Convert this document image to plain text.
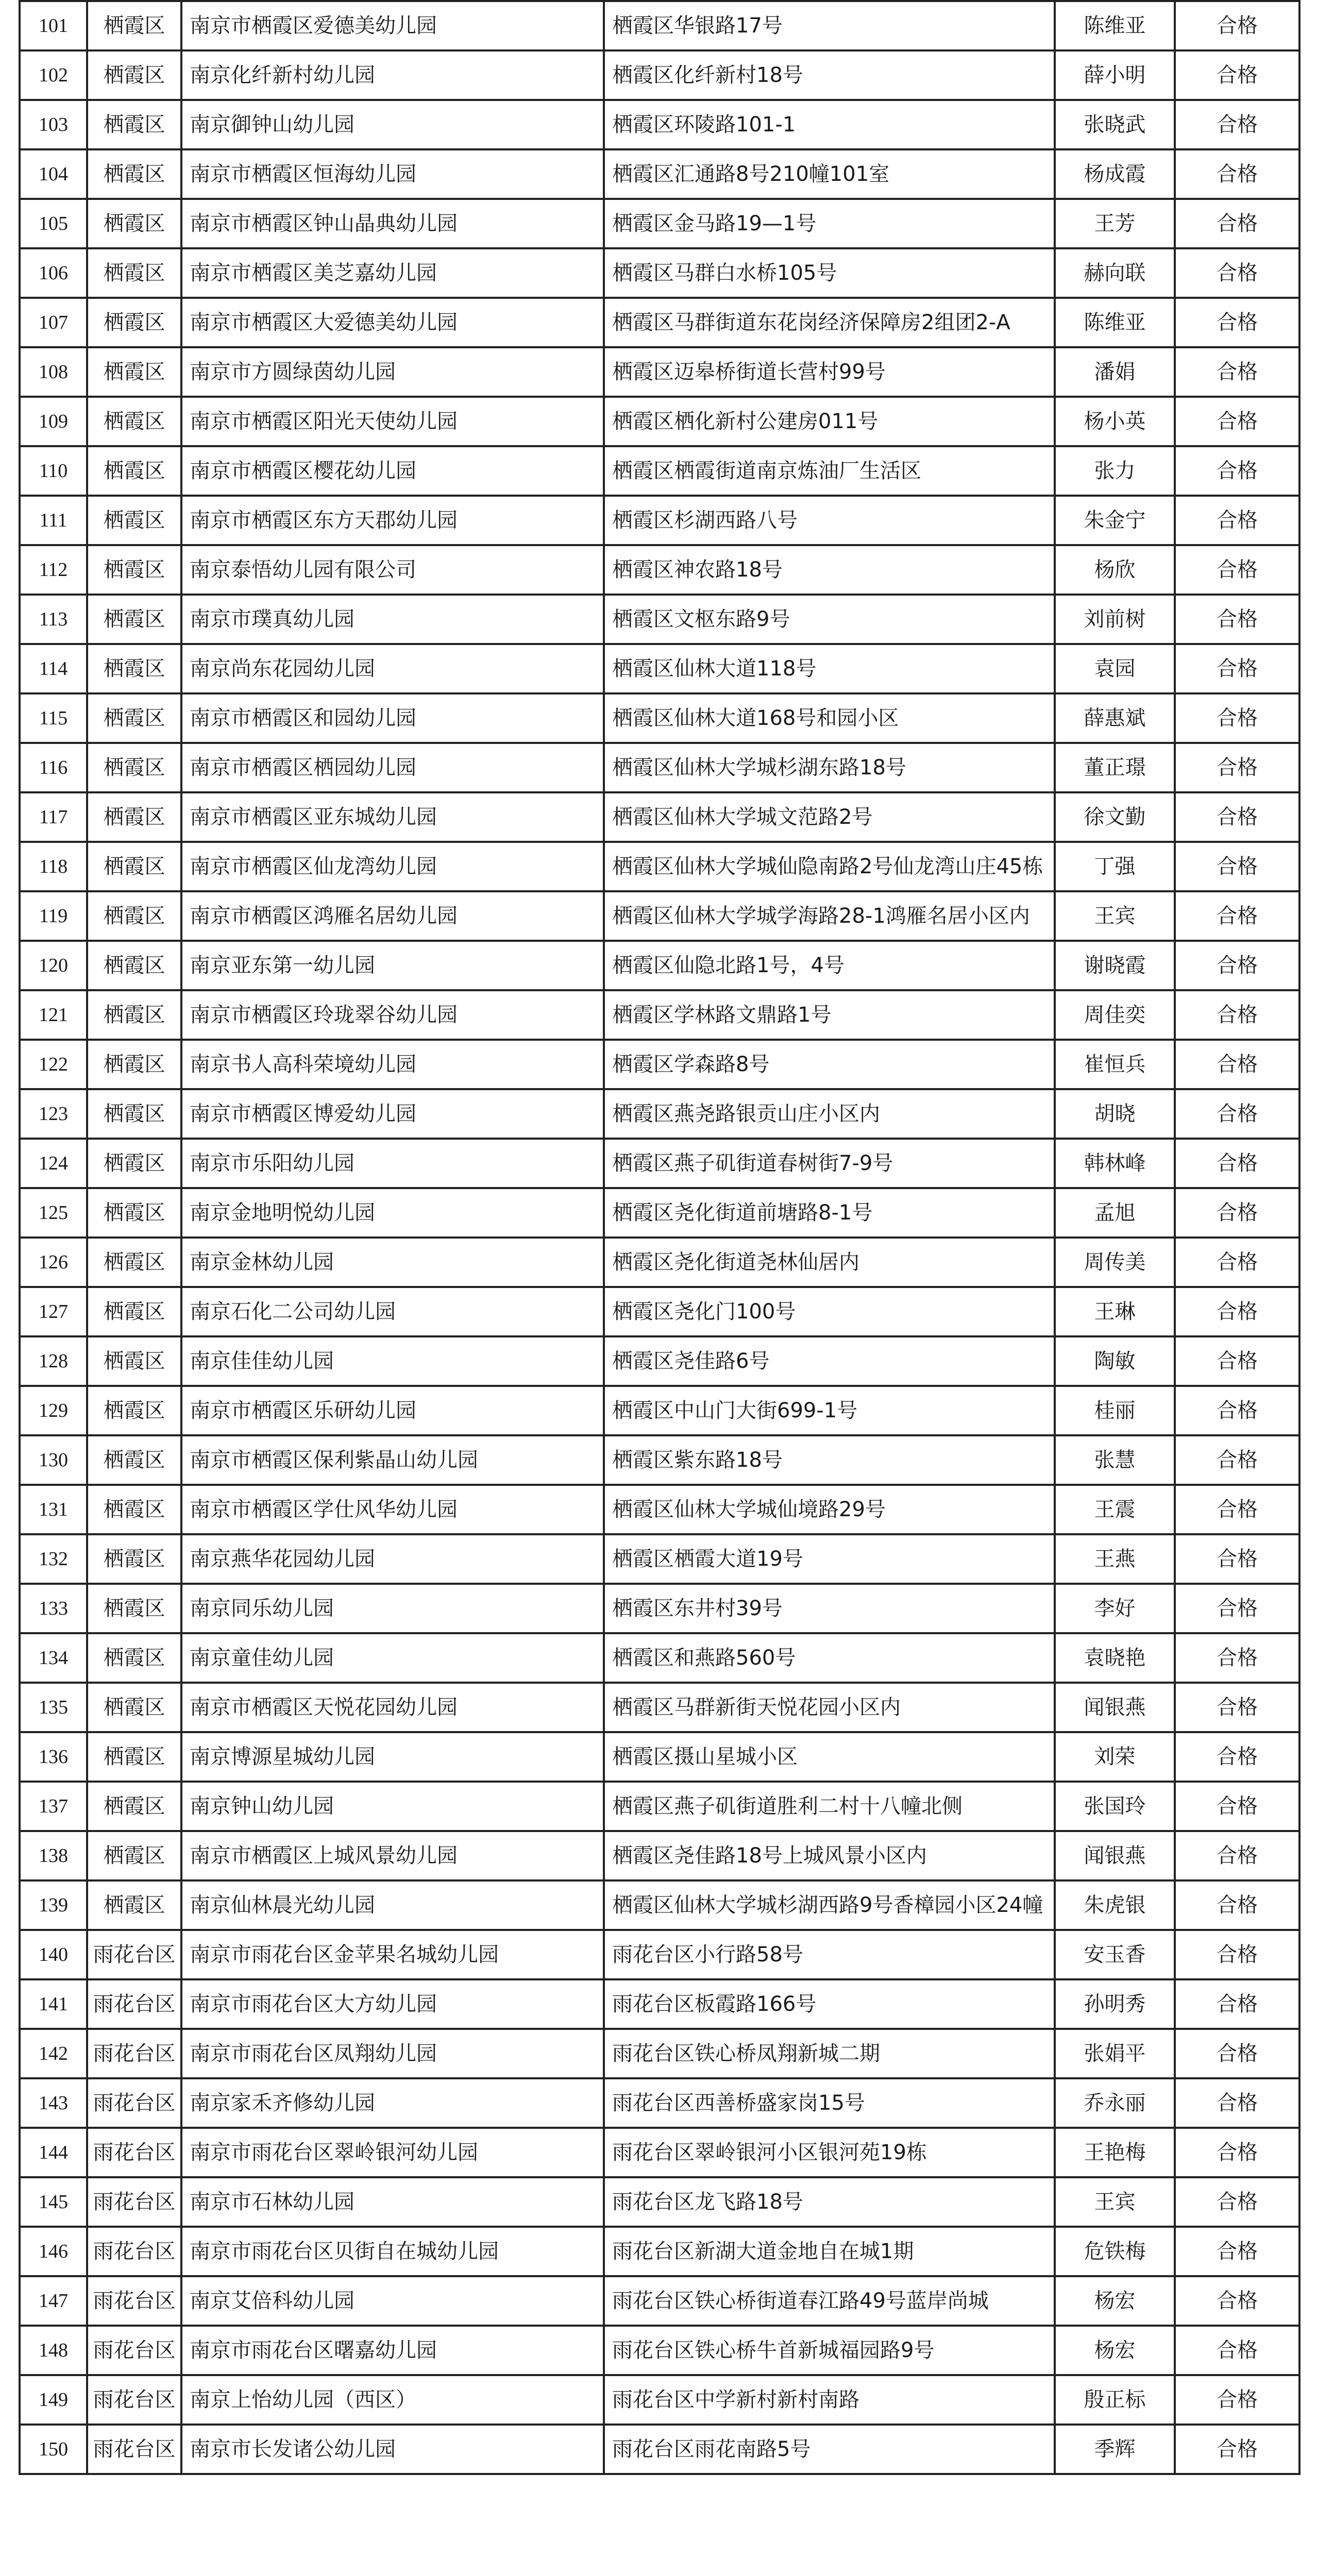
101	栖霞区	南京市栖霞区爱德美幼儿园	栖霞区华银路17号	陈维亚	合格
102	栖霞区	南京化纤新村幼儿园	栖霞区化纤新村18号	薛小明	合格
103	栖霞区	南京御钟山幼儿园	栖霞区环陵路101-1	张晓武	合格
104	栖霞区	南京市栖霞区恒海幼儿园	栖霞区汇通路8号210幢101室	杨成霞	合格
105	栖霞区	南京市栖霞区钟山晶典幼儿园	栖霞区金马路19—1号	王芳	合格
106	栖霞区	南京市栖霞区美芝嘉幼儿园	栖霞区马群白水桥105号	赫向联	合格
107	栖霞区	南京市栖霞区大爱德美幼儿园	栖霞区马群街道东花岗经济保障房2组团2-A	陈维亚	合格
108	栖霞区	南京市方圆绿茵幼儿园	栖霞区迈皋桥街道长营村99号	潘娟	合格
109	栖霞区	南京市栖霞区阳光天使幼儿园	栖霞区栖化新村公建房011号	杨小英	合格
110	栖霞区	南京市栖霞区樱花幼儿园	栖霞区栖霞街道南京炼油厂生活区	张力	合格
111	栖霞区	南京市栖霞区东方天郡幼儿园	栖霞区杉湖西路八号	朱金宁	合格
112	栖霞区	南京泰悟幼儿园有限公司	栖霞区神农路18号	杨欣	合格
113	栖霞区	南京市璞真幼儿园	栖霞区文枢东路9号	刘前树	合格
114	栖霞区	南京尚东花园幼儿园	栖霞区仙林大道118号	袁园	合格
115	栖霞区	南京市栖霞区和园幼儿园	栖霞区仙林大道168号和园小区	薛惠斌	合格
116	栖霞区	南京市栖霞区栖园幼儿园	栖霞区仙林大学城杉湖东路18号	董正璟	合格
117	栖霞区	南京市栖霞区亚东城幼儿园	栖霞区仙林大学城文范路2号	徐文勤	合格
118	栖霞区	南京市栖霞区仙龙湾幼儿园	栖霞区仙林大学城仙隐南路2号仙龙湾山庄45栋	丁强	合格
119	栖霞区	南京市栖霞区鸿雁名居幼儿园	栖霞区仙林大学城学海路28-1鸿雁名居小区内	王宾	合格
120	栖霞区	南京亚东第一幼儿园	栖霞区仙隐北路1号，4号	谢晓霞	合格
121	栖霞区	南京市栖霞区玲珑翠谷幼儿园	栖霞区学林路文鼎路1号	周佳奕	合格
122	栖霞区	南京书人高科荣境幼儿园	栖霞区学森路8号	崔恒兵	合格
123	栖霞区	南京市栖霞区博爱幼儿园	栖霞区燕尧路银贡山庄小区内	胡晓	合格
124	栖霞区	南京市乐阳幼儿园	栖霞区燕子矶街道春树街7-9号	韩林峰	合格
125	栖霞区	南京金地明悦幼儿园	栖霞区尧化街道前塘路8-1号	孟旭	合格
126	栖霞区	南京金林幼儿园	栖霞区尧化街道尧林仙居内	周传美	合格
127	栖霞区	南京石化二公司幼儿园	栖霞区尧化门100号	王琳	合格
128	栖霞区	南京佳佳幼儿园	栖霞区尧佳路6号	陶敏	合格
129	栖霞区	南京市栖霞区乐研幼儿园	栖霞区中山门大街699-1号	桂丽	合格
130	栖霞区	南京市栖霞区保利紫晶山幼儿园	栖霞区紫东路18号	张慧	合格
131	栖霞区	南京市栖霞区学仕风华幼儿园	栖霞区仙林大学城仙境路29号	王震	合格
132	栖霞区	南京燕华花园幼儿园	栖霞区栖霞大道19号	王燕	合格
133	栖霞区	南京同乐幼儿园	栖霞区东井村39号	李好	合格
134	栖霞区	南京童佳幼儿园	栖霞区和燕路560号	袁晓艳	合格
135	栖霞区	南京市栖霞区天悦花园幼儿园	栖霞区马群新街天悦花园小区内	闻银燕	合格
136	栖霞区	南京博源星城幼儿园	栖霞区摄山星城小区	刘荣	合格
137	栖霞区	南京钟山幼儿园	栖霞区燕子矶街道胜利二村十八幢北侧	张国玲	合格
138	栖霞区	南京市栖霞区上城风景幼儿园	栖霞区尧佳路18号上城风景小区内	闻银燕	合格
139	栖霞区	南京仙林晨光幼儿园	栖霞区仙林大学城杉湖西路9号香樟园小区24幢	朱虎银	合格
140	雨花台区	南京市雨花台区金苹果名城幼儿园	雨花台区小行路58号	安玉香	合格
141	雨花台区	南京市雨花台区大方幼儿园	雨花台区板霞路166号	孙明秀	合格
142	雨花台区	南京市雨花台区凤翔幼儿园	雨花台区铁心桥凤翔新城二期	张娟平	合格
143	雨花台区	南京家禾齐修幼儿园	雨花台区西善桥盛家岗15号	乔永丽	合格
144	雨花台区	南京市雨花台区翠岭银河幼儿园	雨花台区翠岭银河小区银河苑19栋	王艳梅	合格
145	雨花台区	南京市石林幼儿园	雨花台区龙飞路18号	王宾	合格
146	雨花台区	南京市雨花台区贝街自在城幼儿园	雨花台区新湖大道金地自在城1期	危铁梅	合格
147	雨花台区	南京艾倍科幼儿园	雨花台区铁心桥街道春江路49号蓝岸尚城	杨宏	合格
148	雨花台区	南京市雨花台区曙嘉幼儿园	雨花台区铁心桥牛首新城福园路9号	杨宏	合格
149	雨花台区	南京上怡幼儿园（西区）	雨花台区中学新村新村南路	殷正标	合格
150	雨花台区	南京市长发诸公幼儿园	雨花台区雨花南路5号	季辉	合格
